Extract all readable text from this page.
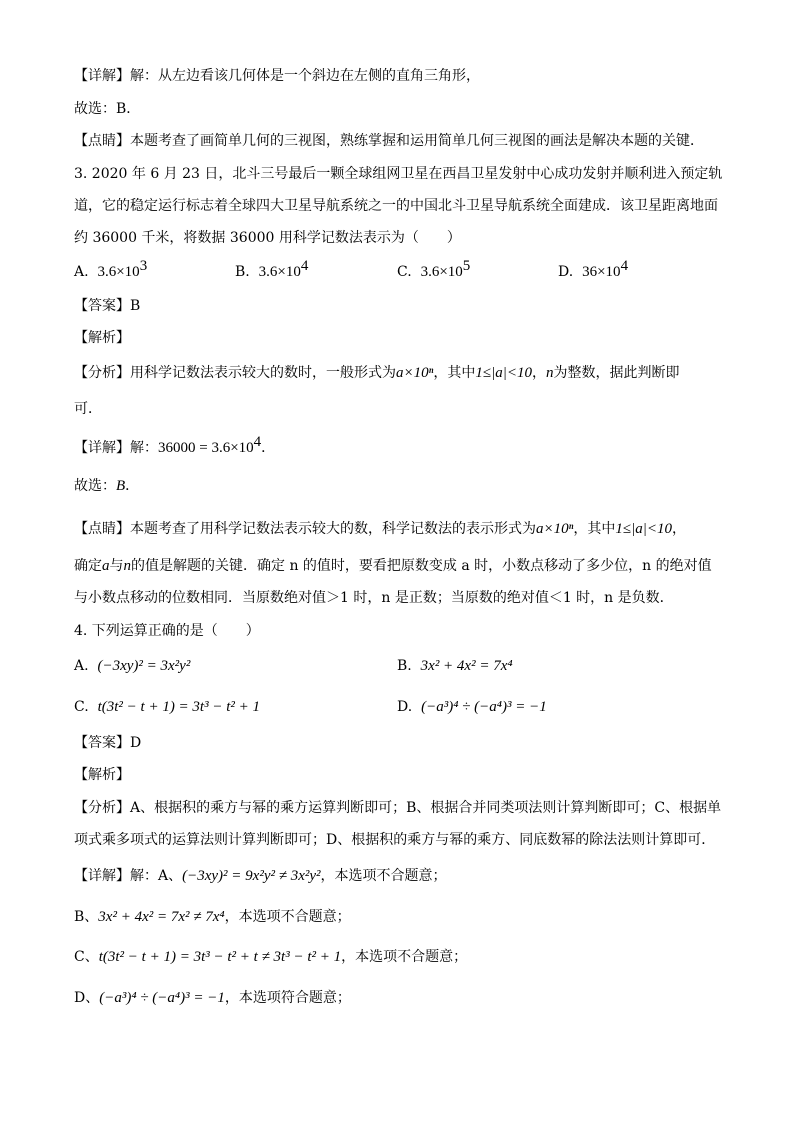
【详解】解：从左边看该几何体是一个斜边在左侧的直角三角形，
故选：B．
【点睛】本题考查了画简单几何的三视图，熟练掌握和运用简单几何三视图的画法是解决本题的关键．
3. 2020 年 6 月 23 日，北斗三号最后一颗全球组网卫星在西昌卫星发射中心成功发射并顺利进入预定轨
道，它的稳定运行标志着全球四大卫星导航系统之一的中国北斗卫星导航系统全面建成．该卫星距离地面
约 36000 千米，将数据 36000 用科学记数法表示为（　　）
A. $3.6\times 10^3$	B. $3.6\times 10^4$	C. $3.6\times 10^5$	D. $36\times 10^4$
【答案】B
【解析】
【分析】用科学记数法表示较大的数时，一般形式为a×10ⁿ，其中1≤|a|<10，n为整数，据此判断即
可．
【详解】解：$36000 = 3.6\times 10^4$．
故选：B．
【点睛】本题考查了用科学记数法表示较大的数，科学记数法的表示形式为a×10ⁿ，其中1≤|a|<10，
确定a与n的值是解题的关键．确定 n 的值时，要看把原数变成 a 时，小数点移动了多少位，n 的绝对值
与小数点移动的位数相同．当原数绝对值＞1 时，n 是正数；当原数的绝对值＜1 时，n 是负数．
4. 下列运算正确的是（　　）
A. (−3xy)² = 3x²y²	B. 3x² + 4x² = 7x⁴
C. t(3t² − t + 1) = 3t³ − t² + 1	D. (−a³)⁴ ÷ (−a⁴)³ = −1
【答案】D
【解析】
【分析】A、根据积的乘方与幂的乘方运算判断即可；B、根据合并同类项法则计算判断即可；C、根据单
项式乘多项式的运算法则计算判断即可；D、根据积的乘方与幂的乘方、同底数幂的除法法则计算即可．
【详解】解：A、(−3xy)² = 9x²y² ≠ 3x²y²，本选项不合题意；
B、3x² + 4x² = 7x² ≠ 7x⁴，本选项不合题意；
C、t(3t² − t + 1) = 3t³ − t² + t ≠ 3t³ − t² + 1，本选项不合题意；
D、(−a³)⁴ ÷ (−a⁴)³ = −1，本选项符合题意；
